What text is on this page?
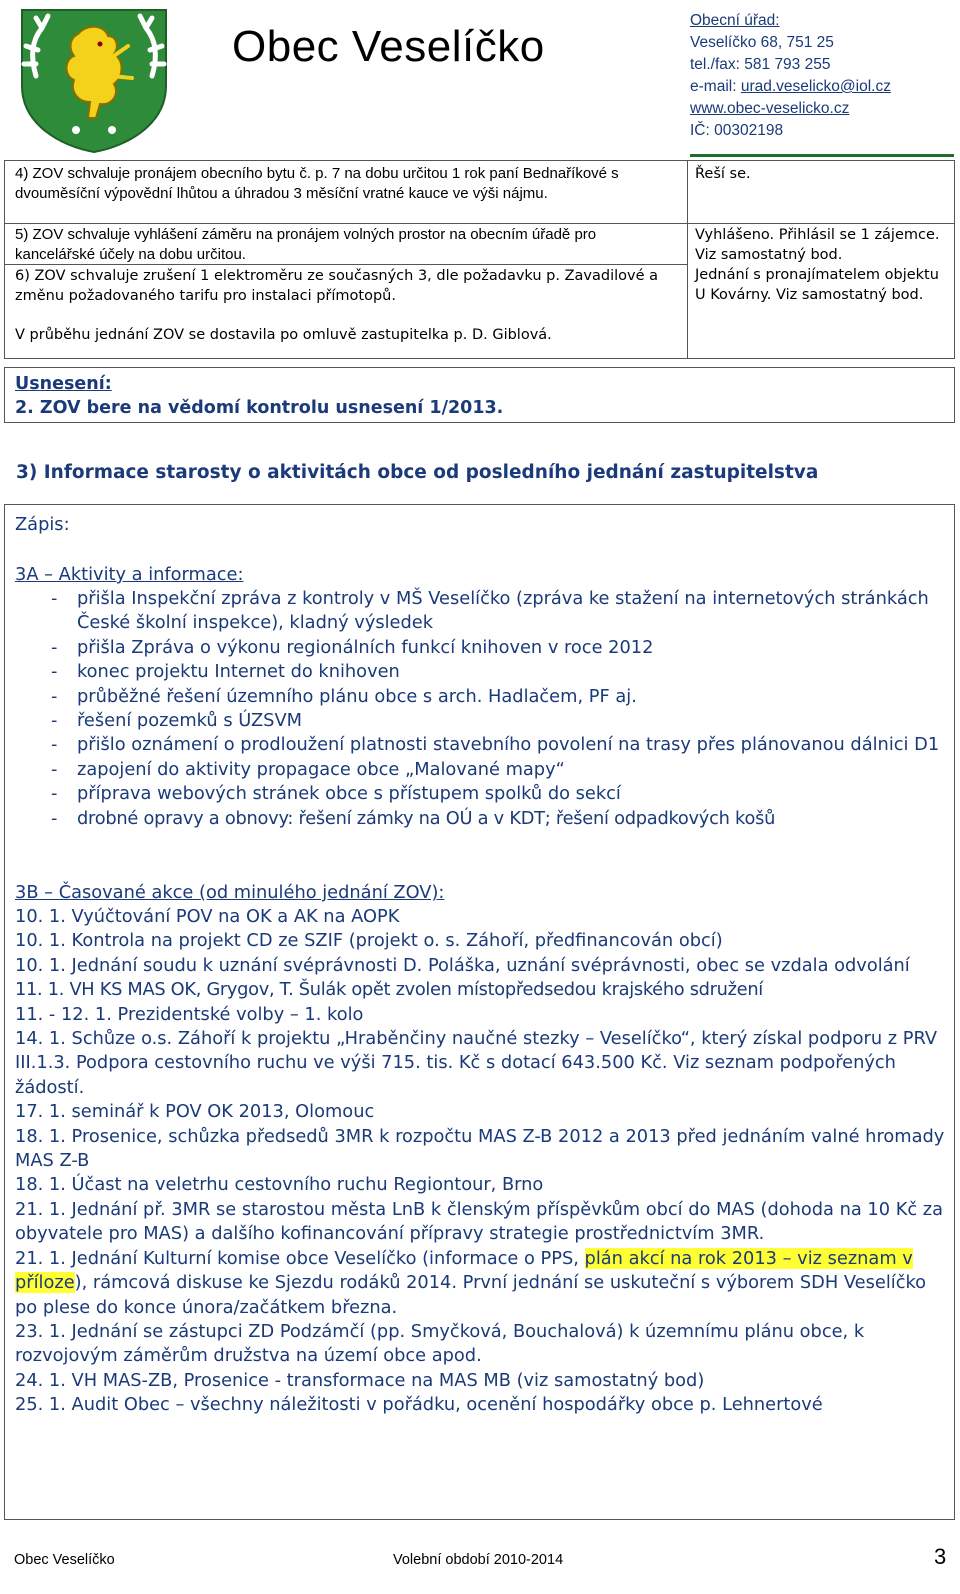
Obec Veselíčko
Obecní úřad:
Veselíčko 68, 751 25
tel./fax: 581 793 255
e-mail: urad.veselicko@iol.cz
www.obec-veselicko.cz
IČ: 00302198
4) ZOV schvaluje pronájem obecního bytu č. p. 7 na dobu určitou 1 rok paní Bednaříkové s dvouměsíční výpovědní lhůtou a úhradou 3 měsíční vratné kauce ve výši nájmu.
Řeší se.
5) ZOV schvaluje vyhlášení záměru na pronájem volných prostor na obecním úřadě pro kancelářské účely na dobu určitou.
Vyhlášeno. Přihlásil se 1 zájemce. Viz samostatný bod.
6) ZOV schvaluje zrušení 1 elektroměru ze současných 3, dle požadavku p. Zavadilové a změnu požadovaného tarifu pro instalaci přímotopů.
Jednání s pronajímatelem objektu U Kovárny. Viz samostatný bod.
V průběhu jednání ZOV se dostavila po omluvě zastupitelka p. D. Giblová.
Usnesení:
2. ZOV bere na vědomí kontrolu usnesení 1/2013.
3) Informace starosty o aktivitách obce od posledního jednání zastupitelstva
Zápis:
3A – Aktivity a informace:
- přišla Inspekční zpráva z kontroly v MŠ Veselíčko (zpráva ke stažení na internetových stránkách České školní inspekce), kladný výsledek
- přišla Zpráva o výkonu regionálních funkcí knihoven v roce 2012
- konec projektu Internet do knihoven
- průběžné řešení územního plánu obce s arch. Hadlačem, PF aj.
- řešení pozemků s ÚZSVM
- přišlo oznámení o prodloužení platnosti stavebního povolení na trasy přes plánovanou dálnici D1
- zapojení do aktivity propagace obce „Malované mapy“
- příprava webových stránek obce s přístupem spolků do sekcí
- drobné opravy a obnovy: řešení zámky na OÚ a v KDT; řešení odpadkových košů
3B – Časované akce (od minulého jednání ZOV):
10. 1. Vyúčtování POV na OK a AK na AOPK
10. 1. Kontrola na projekt CD ze SZIF (projekt o. s. Záhoří, předfinancován obcí)
10. 1. Jednání soudu k uznání svéprávnosti D. Poláška, uznání svéprávnosti, obec se vzdala odvolání
11. 1. VH KS MAS OK, Grygov, T. Šulák opět zvolen místopředsedou krajského sdružení
11. - 12. 1. Prezidentské volby – 1. kolo
14. 1. Schůze o.s. Záhoří k projektu „Hraběnčiny naučné stezky – Veselíčko“, který získal podporu z PRV III.1.3. Podpora cestovního ruchu ve výši 715. tis. Kč s dotací 643.500 Kč. Viz seznam podpořených žádostí.
17. 1. seminář k POV OK 2013, Olomouc
18. 1. Prosenice, schůzka předsedů 3MR k rozpočtu MAS Z-B 2012 a 2013 před jednáním valné hromady MAS Z-B
18. 1. Účast na veletrhu cestovního ruchu Regiontour, Brno
21. 1. Jednání př. 3MR se starostou města LnB k členským příspěvkům obcí do MAS (dohoda na 10 Kč za obyvatele pro MAS) a dalšího kofinancování přípravy strategie prostřednictvím 3MR.
21. 1. Jednání Kulturní komise obce Veselíčko (informace o PPS, plán akcí na rok 2013 – viz seznam v příloze), rámcová diskuse ke Sjezdu rodáků 2014. První jednání se uskuteční s výborem SDH Veselíčko po plese do konce února/začátkem března.
23. 1. Jednání se zástupci ZD Podzámčí (pp. Smyčková, Bouchalová) k územnímu plánu obce, k rozvojovým záměrům družstva na území obce apod.
24. 1. VH MAS-ZB, Prosenice - transformace na MAS MB (viz samostatný bod)
25. 1. Audit Obec – všechny náležitosti v pořádku, ocenění hospodářky obce p. Lehnertové
Obec Veselíčko	Volební období 2010-2014	3
